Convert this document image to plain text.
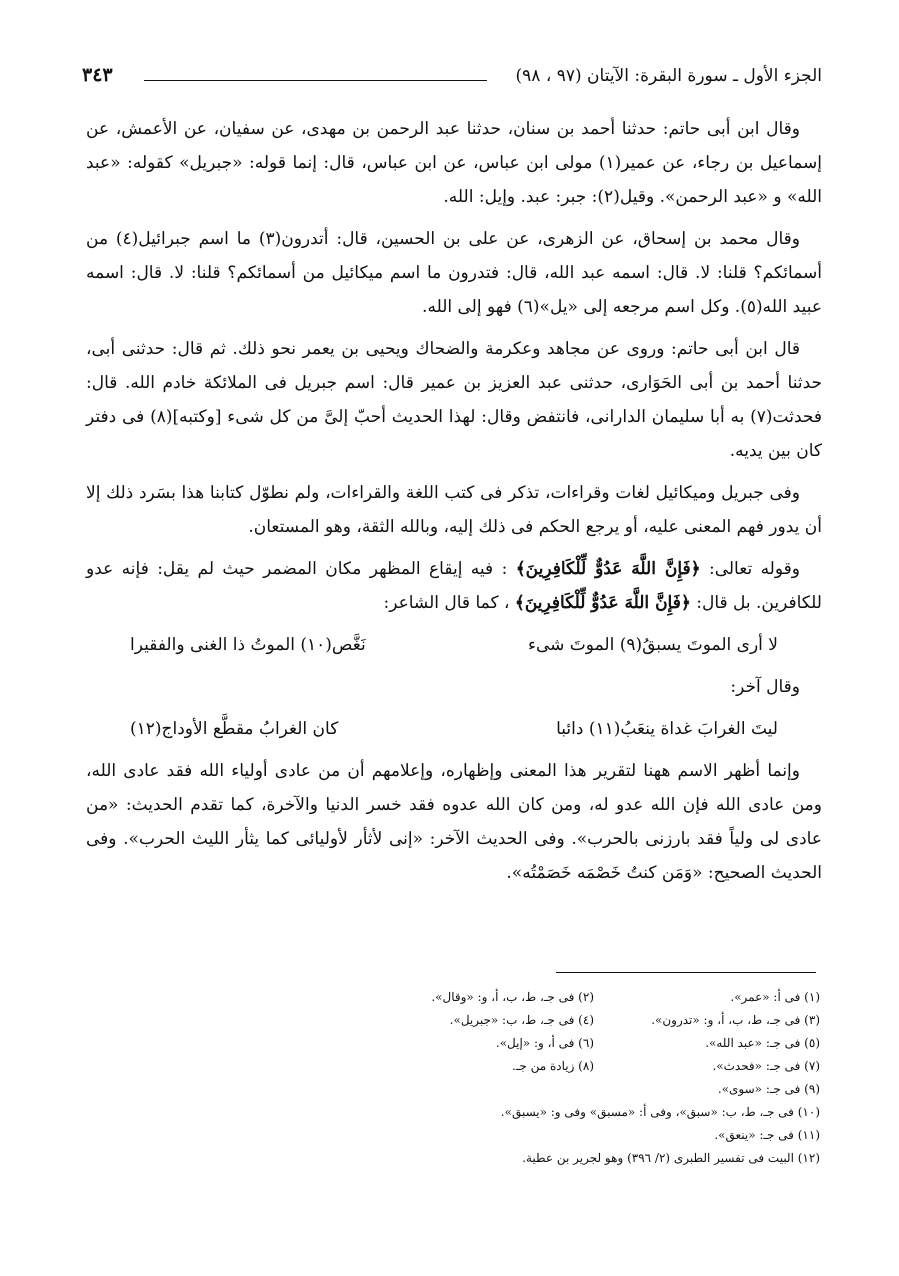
الجزء الأول ـ سورة البقرة: الآيتان (٩٧ ، ٩٨)
٣٤٣

وقال ابن أبى حاتم: حدثنا أحمد بن سنان، حدثنا عبد الرحمن بن مهدى، عن سفيان، عن الأعمش، عن إسماعيل بن رجاء، عن عمير(١) مولى ابن عباس، عن ابن عباس، قال: إنما قوله: «جبريل» كقوله: «عبد الله» و «عبد الرحمن». وقيل(٢): جبر: عبد. وإيل: الله.

وقال محمد بن إسحاق، عن الزهرى، عن على بن الحسين، قال: أتدرون(٣) ما اسم جبرائيل(٤) من أسمائكم؟ قلنا: لا. قال: اسمه عبد الله، قال: فتدرون ما اسم ميكائيل من أسمائكم؟ قلنا: لا. قال: اسمه عبيد الله(٥). وكل اسم مرجعه إلى «يل»(٦) فهو إلى الله.

قال ابن أبى حاتم: وروى عن مجاهد وعكرمة والضحاك ويحيى بن يعمر نحو ذلك. ثم قال: حدثنى أبى، حدثنا أحمد بن أبى الحَوَارى، حدثنى عبد العزيز بن عمير قال: اسم جبريل فى الملائكة خادم الله. قال: فحدثت(٧) به أبا سليمان الدارانى، فانتفض وقال: لهذا الحديث أحبّ إلىَّ من كل شىء [وكتبه](٨) فى دفتر كان بين يديه.

وفى جبريل وميكائيل لغات وقراءات، تذكر فى كتب اللغة والقراءات، ولم نطوّل كتابنا هذا بسَرد ذلك إلا أن يدور فهم المعنى عليه، أو يرجع الحكم فى ذلك إليه، وبالله الثقة، وهو المستعان.

وقوله تعالى: ﴿فَإِنَّ اللَّهَ عَدُوٌّ لِّلْكَافِرِينَ﴾ : فيه إيقاع المظهر مكان المضمر حيث لم يقل: فإنه عدو للكافرين. بل قال: ﴿فَإِنَّ اللَّهَ عَدُوٌّ لِّلْكَافِرِينَ﴾ ، كما قال الشاعر:

لا أرى الموتَ يسبقُ(٩) الموتَ شىء
نَغَّص(١٠) الموتُ ذا الغنى والفقيرا

وقال آخر:

ليتَ الغرابَ غداة ينعَبُ(١١) دائبا
كان الغرابُ مقطَّع الأوداج(١٢)

وإنما أظهر الاسم ههنا لتقرير هذا المعنى وإظهاره، وإعلامهم أن من عادى أولياء الله فقد عادى الله، ومن عادى الله فإن الله عدو له، ومن كان الله عدوه فقد خسر الدنيا والآخرة، كما تقدم الحديث: «من عادى لى ولياً فقد بارزنى بالحرب». وفى الحديث الآخر: «إنى لأثأر لأوليائى كما يثأر الليث الحرب». وفى الحديث الصحيح: «وَمَن كنتُ خَصْمَه خَصَمْتُه».

(١) فى أ: «عمر».
(٢) فى جـ، ط، ب، أ، و: «وقال».
(٣) فى جـ، ط، ب، أ، و: «تدرون».
(٤) فى جـ، ط، ب: «جبريل».
(٥) فى جـ: «عبد الله».
(٦) فى أ، و: «إيل».
(٧) فى جـ: «فحدث».
(٨) زيادة من جـ.
(٩) فى جـ: «سوى».
(١٠) فى جـ، ط، ب: «سبق»، وفى أ: «مسبق» وفى و: «يسبق».
(١١) فى جـ: «ينعق».
(١٢) البيت فى تفسير الطبرى (٢/ ٣٩٦) وهو لجرير بن عطية.
